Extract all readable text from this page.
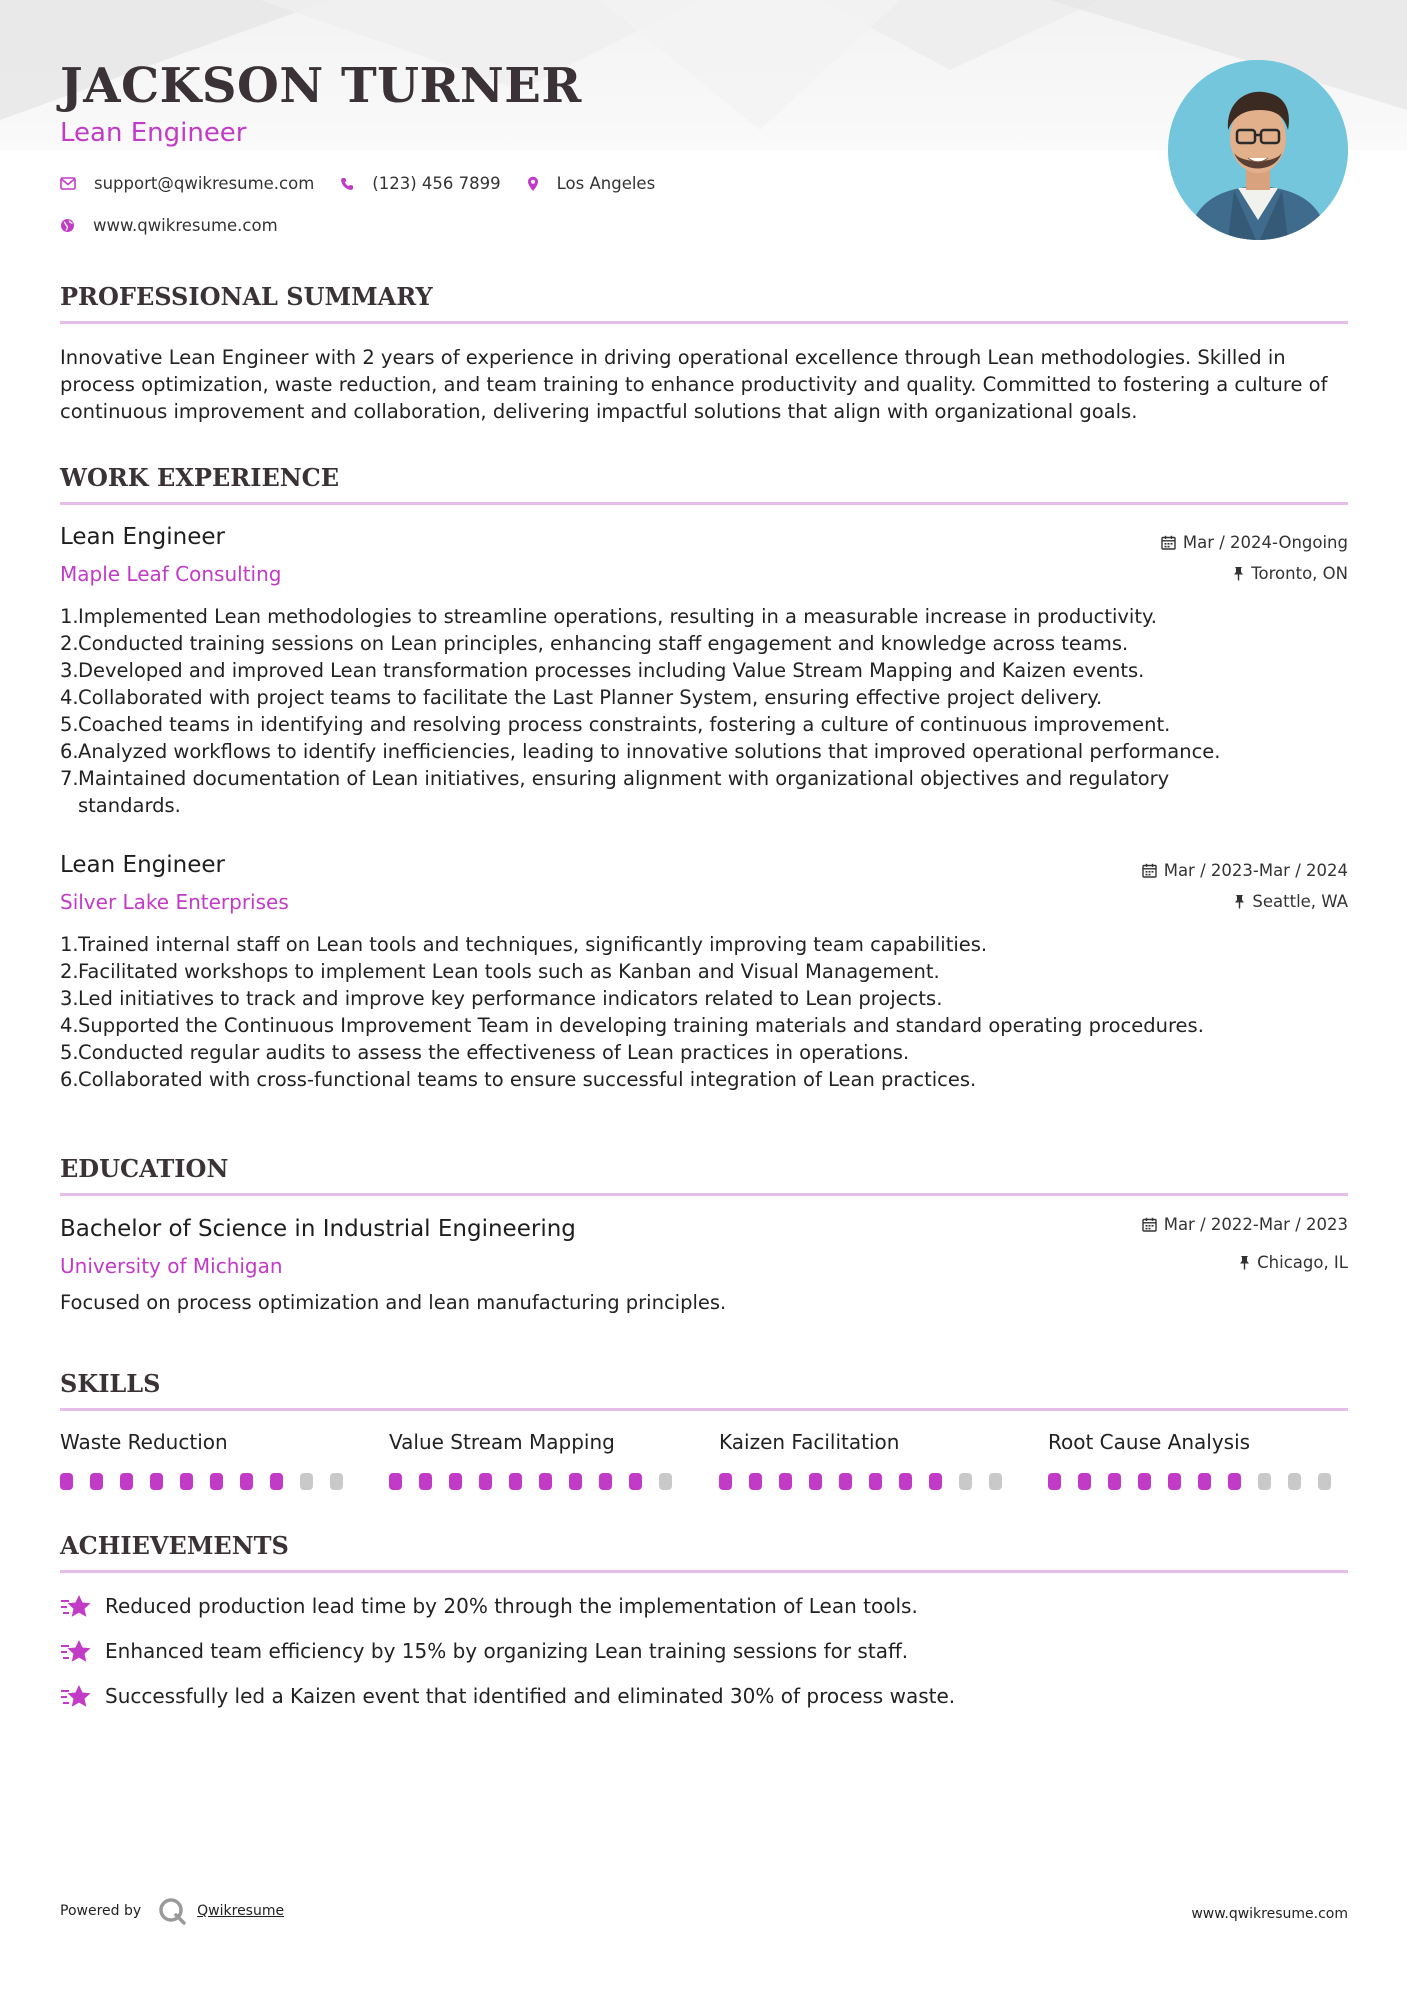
JACKSON TURNER
Lean Engineer
support@qwikresume.com	(123) 456 7899	Los Angeles
www.qwikresume.com
PROFESSIONAL SUMMARY
Innovative Lean Engineer with 2 years of experience in driving operational excellence through Lean methodologies. Skilled in process optimization, waste reduction, and team training to enhance productivity and quality. Committed to fostering a culture of continuous improvement and collaboration, delivering impactful solutions that align with organizational goals.
WORK EXPERIENCE
Lean Engineer
Maple Leaf Consulting
Mar / 2024-Ongoing
Toronto, ON
1. Implemented Lean methodologies to streamline operations, resulting in a measurable increase in productivity.
2. Conducted training sessions on Lean principles, enhancing staff engagement and knowledge across teams.
3. Developed and improved Lean transformation processes including Value Stream Mapping and Kaizen events.
4. Collaborated with project teams to facilitate the Last Planner System, ensuring effective project delivery.
5. Coached teams in identifying and resolving process constraints, fostering a culture of continuous improvement.
6. Analyzed workflows to identify inefficiencies, leading to innovative solutions that improved operational performance.
7. Maintained documentation of Lean initiatives, ensuring alignment with organizational objectives and regulatory standards.
Lean Engineer
Silver Lake Enterprises
Mar / 2023-Mar / 2024
Seattle, WA
1. Trained internal staff on Lean tools and techniques, significantly improving team capabilities.
2. Facilitated workshops to implement Lean tools such as Kanban and Visual Management.
3. Led initiatives to track and improve key performance indicators related to Lean projects.
4. Supported the Continuous Improvement Team in developing training materials and standard operating procedures.
5. Conducted regular audits to assess the effectiveness of Lean practices in operations.
6. Collaborated with cross-functional teams to ensure successful integration of Lean practices.
EDUCATION
Bachelor of Science in Industrial Engineering
University of Michigan
Mar / 2022-Mar / 2023
Chicago, IL
Focused on process optimization and lean manufacturing principles.
SKILLS
Waste Reduction	Value Stream Mapping	Kaizen Facilitation	Root Cause Analysis
ACHIEVEMENTS
Reduced production lead time by 20% through the implementation of Lean tools.
Enhanced team efficiency by 15% by organizing Lean training sessions for staff.
Successfully led a Kaizen event that identified and eliminated 30% of process waste.
Powered by	Qwikresume	www.qwikresume.com
